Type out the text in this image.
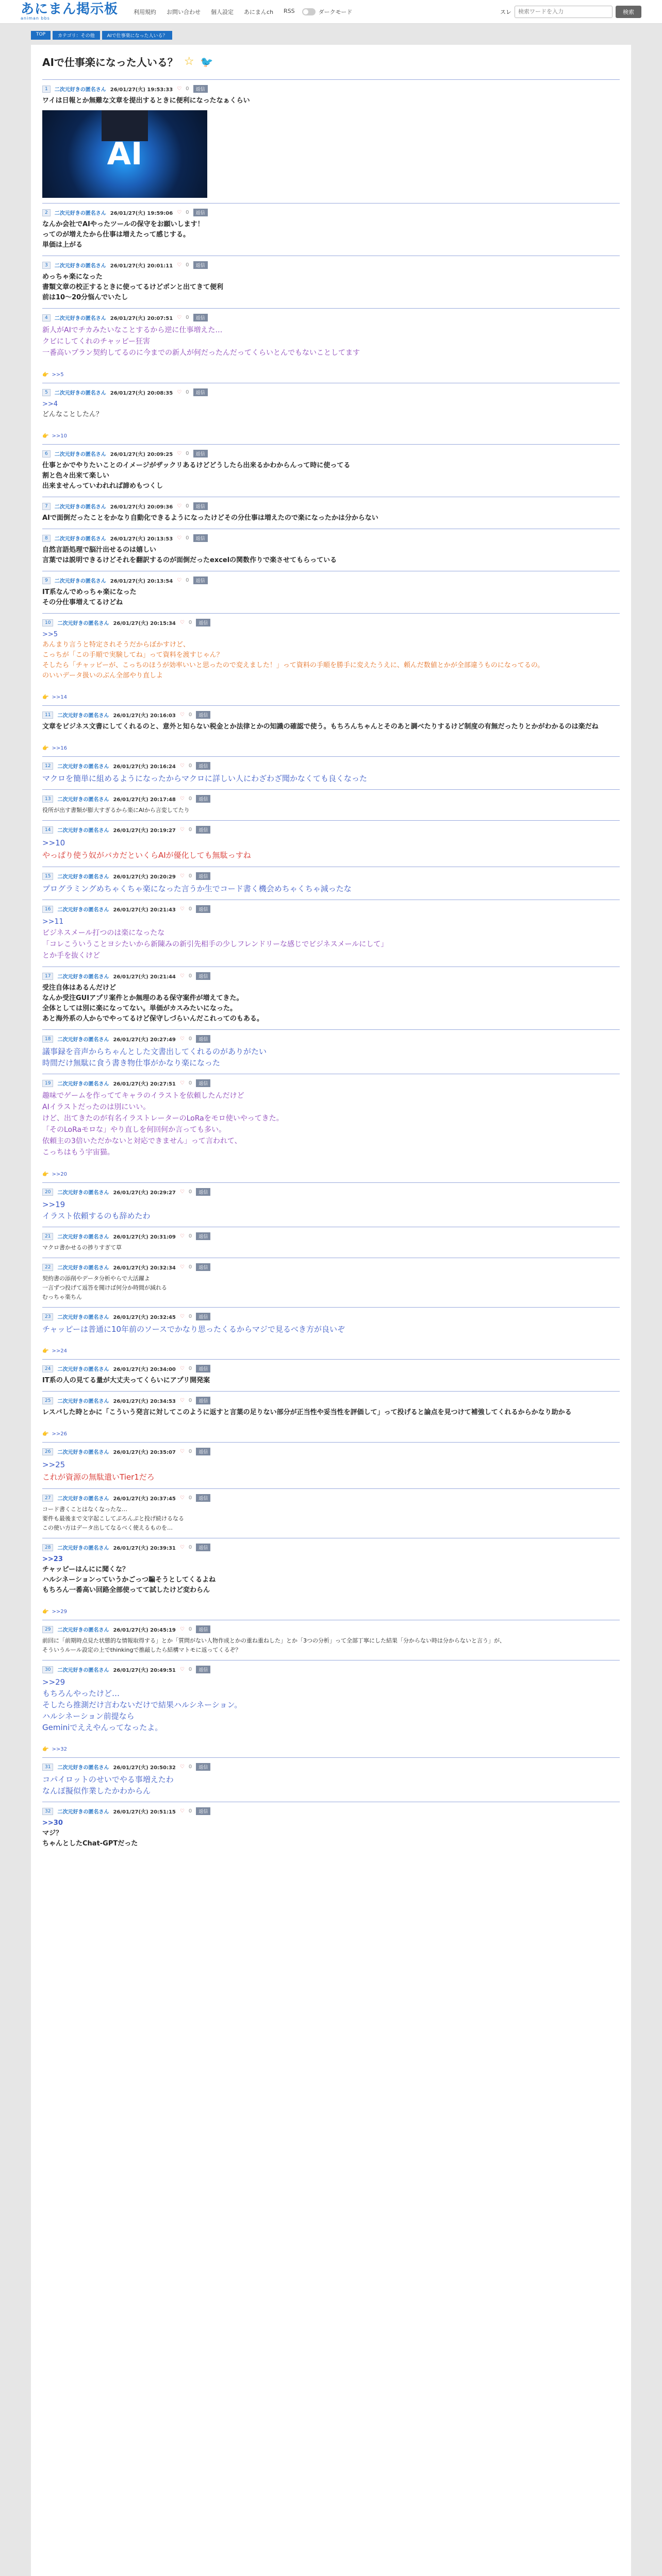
あにまん掲示板
animan bbs
利用規約 お問い合わせ 個人設定 あにまんch RSS	ダークモード	スレ
検索ワードを入力	検索
TOP	カテゴリ：その他	AIで仕事楽になった人いる？
AIで仕事楽になった人いる？ ☆ 🐦
1	二次元好きの匿名さん 26/01/27(火) 19:53:33 ♡ 0	返信
ワイは日報とか無難な文章を提出するときに便利になったなぁくらい
AI
2	二次元好きの匿名さん 26/01/27(火) 19:59:06 ♡ 0	返信
なんか会社でAIやったツールの保守をお願いします！
ってのが増えたから仕事は増えたって感じする。
単価は上がる
3	二次元好きの匿名さん 26/01/27(火) 20:01:11 ♡ 0	返信
めっちゃ楽になった
書類文章の校正するときに使ってるけどポンと出てきて便利
前は10〜20分悩んでいたし
4	二次元好きの匿名さん 26/01/27(火) 20:07:51 ♡ 0	返信
新人がAIでチカみたいなことするから逆に仕事増えた…
クビにしてくれのチャッピー狂害
一番高いプラン契約してるのに今までの新人が何だったんだってくらいとんでもないことしてます
👉 >>5
5	二次元好きの匿名さん 26/01/27(火) 20:08:35 ♡ 0	返信
>>4
どんなことしたん？
👉 >>10
6	二次元好きの匿名さん 26/01/27(火) 20:09:25 ♡ 0	返信
仕事とかでやりたいことのイメージがザックリあるけどどうしたら出来るかわからんって時に使ってる
割と色々出来て楽しい
出来ませんっていわれれば諦めもつくし
7	二次元好きの匿名さん 26/01/27(火) 20:09:36 ♡ 0	返信
AIで面倒だったことをかなり自動化できるようになったけどその分仕事は増えたので楽になったかは分からない
8	二次元好きの匿名さん 26/01/27(火) 20:13:53 ♡ 0	返信
自然言語処理で脳汁出せるのは嬉しい
言葉では説明できるけどそれを翻訳するのが面倒だったexcelの関数作りで楽させてもらっている
9	二次元好きの匿名さん 26/01/27(火) 20:13:54 ♡ 0	返信
IT系なんでめっちゃ楽になった
その分仕事増えてるけどね
10	二次元好きの匿名さん 26/01/27(火) 20:15:34 ♡ 0	返信
>>5
あんまり言うと特定されそうだからぼかすけど、
こっちが「この手順で実験してね」って資料を渡すじゃん？
そしたら「チャッピーが、こっちのほうが効率いいと思ったので変えました！」って資料の手順を勝手に変えたうえに、頼んだ数値とかが全部違うものになってるの。
のいいデータ扱いのぶん全部やり直しよ
👉 >>14
11	二次元好きの匿名さん 26/01/27(火) 20:16:03 ♡ 0	返信
文章をビジネス文書にしてくれるのと、意外と知らない税金とか法律とかの知識の確認で使う。もちろんちゃんとそのあと調べたりするけど制度の有無だったりとかがわかるのは楽だね
👉 >>16
12	二次元好きの匿名さん 26/01/27(火) 20:16:24 ♡ 0	返信
マクロを簡単に組めるようになったからマクロに詳しい人にわざわざ聞かなくても良くなった
13	二次元好きの匿名さん 26/01/27(火) 20:17:48 ♡ 0	返信
役所が出す書類が膨大すぎるから楽にAIから言変してたり
14	二次元好きの匿名さん 26/01/27(火) 20:19:27 ♡ 0	返信
>>10
やっぱり使う奴がバカだといくらAIが優化しても無駄っすね
15	二次元好きの匿名さん 26/01/27(火) 20:20:29 ♡ 0	返信
プログラミングめちゃくちゃ楽になった言うか生でコード書く機会めちゃくちゃ減ったな
16	二次元好きの匿名さん 26/01/27(火) 20:21:43 ♡ 0	返信
>>11
ビジネスメール打つのは楽になったな
「コレこういうことヨシたいから新陳みの新引先相手の少しフレンドリーな感じでビジネスメールにして」
とか手を抜くけど
17	二次元好きの匿名さん 26/01/27(火) 20:21:44 ♡ 0	返信
受注自体はあるんだけど
なんか受注GUIアプリ案件とか無理のある保守案件が増えてきた。
全体としては別に楽になってない。単価がカスみたいになった。
あと海外系の人からでやってるけど保守しづらいんだこれってのもある。
18	二次元好きの匿名さん 26/01/27(火) 20:27:49 ♡ 0	返信
議事録を音声からちゃんとした文書出してくれるのがありがたい
時間だけ無駄に食う書き物仕事がかなり楽になった
19	二次元好きの匿名さん 26/01/27(火) 20:27:51 ♡ 0	返信
趣味でゲームを作っててキャラのイラストを依頼したんだけど
AIイラストだったのは別にいい。
けど、出てきたのが有名イラストレーターのLoRaをモロ使いやってきた。
「そのLoRaモロな」やり直しを何回何か言っても多い。
依頼主の3倍いただかないと対応できません」って言われて、
こっちはもう宇宙猫。
👉 >>20
20	二次元好きの匿名さん 26/01/27(火) 20:29:27 ♡ 0	返信
>>19
イラスト依頼するのも辞めたわ
21	二次元好きの匿名さん 26/01/27(火) 20:31:09 ♡ 0	返信
マクロ書かせるの捗りすぎて草
22	二次元好きの匿名さん 26/01/27(火) 20:32:34 ♡ 0	返信
契約書の添削やデータ分析やらで大活躍よ
一言ずつ投げて返答を聞けば何分か時間が減れる
むっちゃ楽ちん
23	二次元好きの匿名さん 26/01/27(火) 20:32:45 ♡ 0	返信
チャッピーは普通に10年前のソースでかなり思ったくるからマジで見るべき方が良いぞ
👉 >>24
24	二次元好きの匿名さん 26/01/27(火) 20:34:00 ♡ 0	返信
IT系の人の見てる量が大丈夫ってくらいにアプリ開発案
25	二次元好きの匿名さん 26/01/27(火) 20:34:53 ♡ 0	返信
レスバした時とかに「こういう発言に対してこのように返すと言葉の足りない部分が正当性や妥当性を評価して」って投げると論点を見つけて補強してくれるからかなり助かる
👉 >>26
26	二次元好きの匿名さん 26/01/27(火) 20:35:07 ♡ 0	返信
>>25
これが資源の無駄遣いTier1だろ
27	二次元好きの匿名さん 26/01/27(火) 20:37:45 ♡ 0	返信
コード書くことはなくなったな…
要件も最後まで文字起こしてぷろんぷと投げ続けるなる
この使い方はデータ出してなるべく使えるものを…
28	二次元好きの匿名さん 26/01/27(火) 20:39:31 ♡ 0	返信
>>23
チャッピーはんにに聞くな？
ハルシネーションっていうかごっつ騙そうとしてくるよね
もちろん一番高い回路全部使ってて試したけど変わらん
👉 >>29
29	二次元好きの匿名さん 26/01/27(火) 20:45:19 ♡ 0	返信
前回に「前期時点見た状態的な情報取得する」とか「質問がない人物作成とかの重ね重ねした」とか「3つの分析」って全部丁寧にした結果「分からない時は分からないと言う」が、
そういうルール設定の上でthinkingで推敲したら結構マトモに返ってくるぞ？
30	二次元好きの匿名さん 26/01/27(火) 20:49:51 ♡ 0	返信
>>29
もちろんやったけど…
そしたら推測だけ言わないだけで結果ハルシネーション。
ハルシネーション前提なら
Geminiでええやんってなったよ。
👉 >>32
31	二次元好きの匿名さん 26/01/27(火) 20:50:32 ♡ 0	返信
コパイロットのせいでやる事増えたわ
なんぼ擬似作業したかわからん
32	二次元好きの匿名さん 26/01/27(火) 20:51:15 ♡ 0	返信
>>30
マジ？
ちゃんとしたChat-GPTだった
